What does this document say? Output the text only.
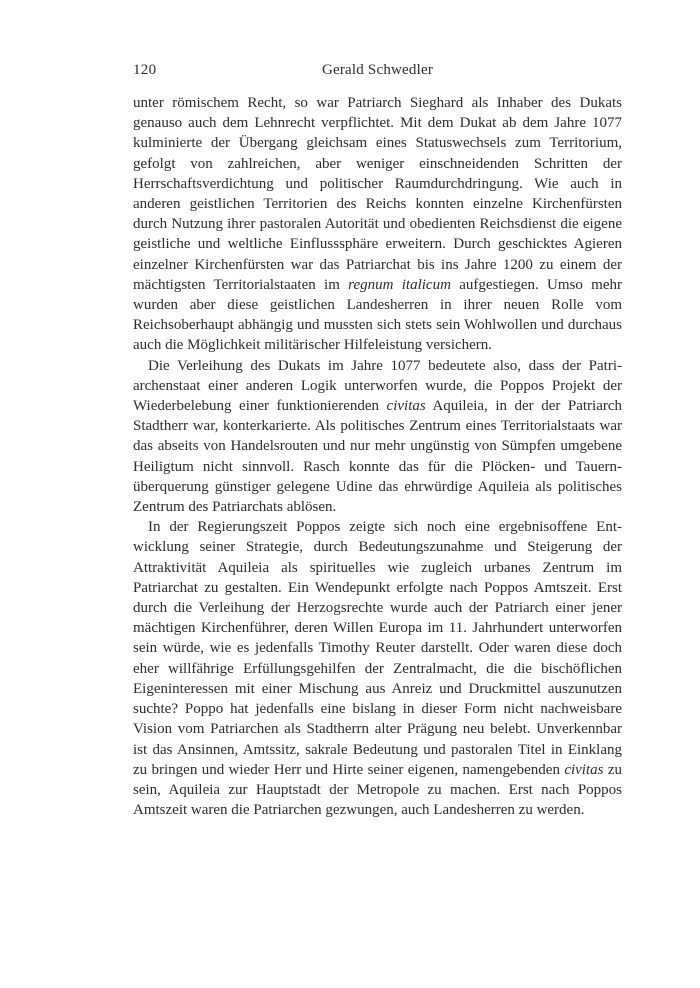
120	Gerald Schwedler

unter römischem Recht, so war Patriarch Sieghard als Inhaber des Dukats genauso auch dem Lehnrecht verpflichtet. Mit dem Dukat ab dem Jahre 1077 kulminierte der Übergang gleichsam eines Statuswechsels zum Territorium, gefolgt von zahlreichen, aber weniger einschneidenden Schritten der Herrschaftsverdichtung und politischer Raumdurchdringung. Wie auch in anderen geistlichen Territorien des Reichs konnten einzelne Kirchenfürsten durch Nutzung ihrer pastoralen Autorität und obedienten Reichsdienst die eigene geistliche und weltliche Einflusssphäre erweitern. Durch geschicktes Agieren einzelner Kirchenfürsten war das Patriarchat bis ins Jahre 1200 zu einem der mächtigsten Territorialstaaten im regnum italicum aufgestiegen. Umso mehr wurden aber diese geistlichen Landesherren in ihrer neuen Rolle vom Reichsoberhaupt abhängig und mussten sich stets sein Wohlwollen und durchaus auch die Möglichkeit militärischer Hilfeleistung versichern.

Die Verleihung des Dukats im Jahre 1077 bedeutete also, dass der Patriarchenstaat einer anderen Logik unterworfen wurde, die Poppos Projekt der Wiederbelebung einer funktionierenden civitas Aquileia, in der der Patriarch Stadtherr war, konterkarierte. Als politisches Zentrum eines Territorialstaats war das abseits von Handelsrouten und nur mehr ungünstig von Sümpfen umgebene Heiligtum nicht sinnvoll. Rasch konnte das für die Plöcken- und Tauernüberquerung günstiger gelegene Udine das ehrwürdige Aquileia als politisches Zentrum des Patriarchats ablösen.

In der Regierungszeit Poppos zeigte sich noch eine ergebnisoffene Entwicklung seiner Strategie, durch Bedeutungszunahme und Steigerung der Attraktivität Aquileia als spirituelles wie zugleich urbanes Zentrum im Patriarchat zu gestalten. Ein Wendepunkt erfolgte nach Poppos Amtszeit. Erst durch die Verleihung der Herzogsrechte wurde auch der Patriarch einer jener mächtigen Kirchenführer, deren Willen Europa im 11. Jahrhundert unterworfen sein würde, wie es jedenfalls Timothy Reuter darstellt. Oder waren diese doch eher willfährige Erfüllungsgehilfen der Zentralmacht, die die bischöflichen Eigeninteressen mit einer Mischung aus Anreiz und Druckmittel auszunutzen suchte? Poppo hat jedenfalls eine bislang in dieser Form nicht nachweisbare Vision vom Patriarchen als Stadtherrn alter Prägung neu belebt. Unverkennbar ist das Ansinnen, Amtssitz, sakrale Bedeutung und pastoralen Titel in Einklang zu bringen und wieder Herr und Hirte seiner eigenen, namengebenden civitas zu sein, Aquileia zur Hauptstadt der Metropole zu machen. Erst nach Poppos Amtszeit waren die Patriarchen gezwungen, auch Landesherren zu werden.
